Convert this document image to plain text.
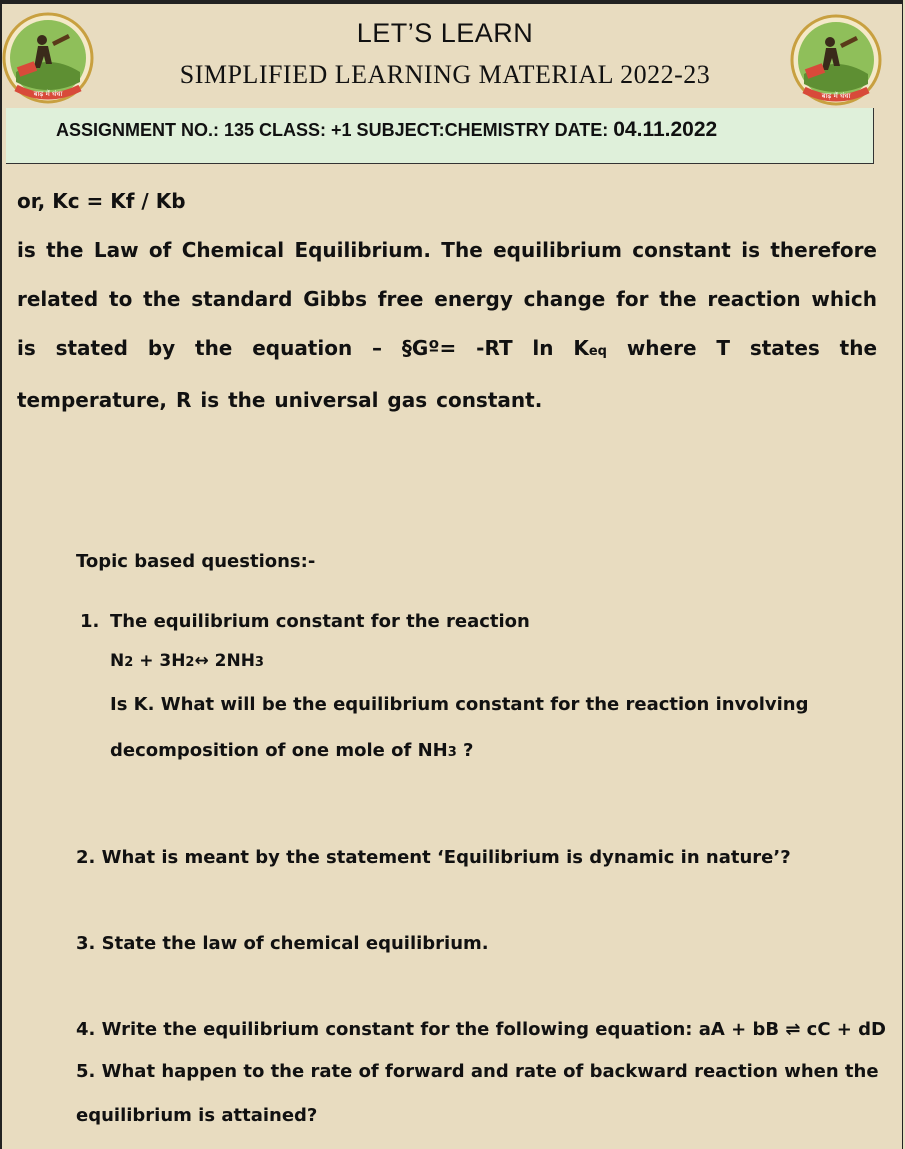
बाढ़ में धंधा
LET’S LEARN
SIMPLIFIED LEARNING MATERIAL 2022-23
बाढ़ में धंधा
ASSIGNMENT NO.: 135 CLASS: +1 SUBJECT:CHEMISTRY DATE: 04.11.2022

or, Kc = Kf / Kb

is the Law of Chemical Equilibrium. The equilibrium constant is therefore related to the standard Gibbs free energy change for the reaction which is stated by the equation – §Gº= -RT ln Keq where T states the temperature, R is the universal gas constant.

Topic based questions:-

1. The equilibrium constant for the reaction
N2 + 3H2↔ 2NH3
Is K. What will be the equilibrium constant for the reaction involving
decomposition of one mole of NH3 ?
2. What is meant by the statement ‘Equilibrium is dynamic in nature’?
3. State the law of chemical equilibrium.
4. Write the equilibrium constant for the following equation: aA + bB ⇌ cC + dD
5. What happen to the rate of forward and rate of backward reaction when the
equilibrium is attained?
